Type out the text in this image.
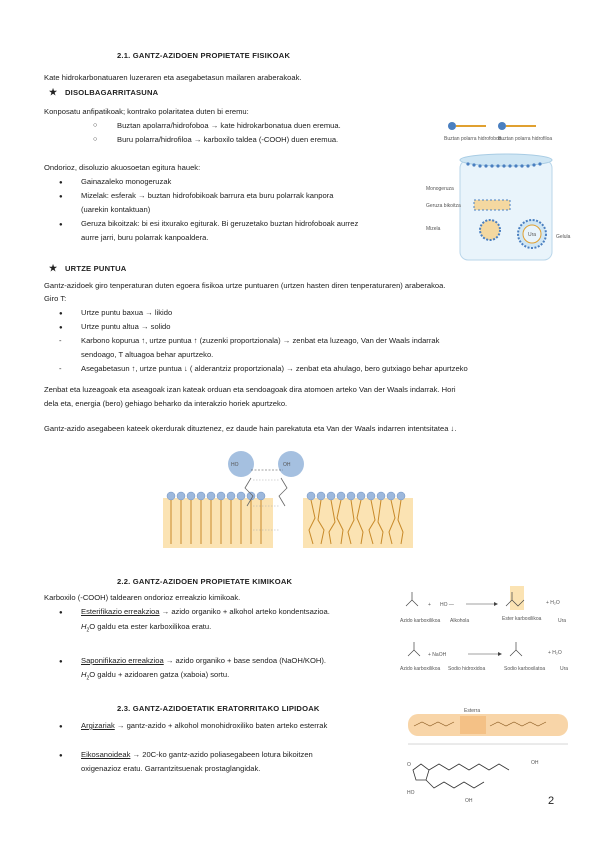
2.1. GANTZ-AZIDOEN PROPIETATE FISIKOAK
Kate hidrokarbonatuaren luzeraren eta asegabetasun mailaren araberakoak.
★ DISOLBAGARRITASUNA
Konposatu anfipatikoak; kontrako polaritatea duten bi eremu:
○ Buztan apolarra/hidrofoboa → kate hidrokarbonatua duen eremua.
○ Buru polarra/hidrofiloa → karboxilo taldea (-COOH) duen eremua.
Ondorioz, disoluzio akuosoetan egitura hauek:
● Gainazaleko monogeruzak
● Mizelak: esferak → buztan hidrofobikoak barrura eta buru polarrak kanpora
(uarekin kontaktuan)
● Geruza bikoitzak: bi esi itxurako egiturak. Bi geruzetako buztan hidrofoboak aurrez
aurre jarri, buru polarrak kanpoaldera.
Buztan polarra hidrofoboa
Buztan polarra hidrofiloa
Monogeruza
Geruza bikoitza
Mizela
Gelula
Ura
★ URTZE PUNTUA
Gantz-azidoek giro tenperaturan duten egoera fisikoa urtze puntuaren (urtzen hasten diren tenperaturaren) araberakoa.
Giro T:
● Urtze puntu baxua → likido
● Urtze puntu altua → solido
- Karbono kopurua ↑, urtze puntua ↑ (zuzenki proportzionala) → zenbat eta luzeago, Van der Waals indarrak
sendoago, T altuagoa behar apurtzeko.
- Asegabetasun ↑, urtze puntua ↓ ( alderantziz proportzionala) → zenbat eta ahulago, bero gutxiago behar apurtzeko
Zenbat eta luzeagoak eta aseagoak izan kateak orduan eta sendoagoak dira atomoen arteko Van der Waals indarrak. Hori
dela eta, energia (bero) gehiago beharko da interakzio horiek apurtzeko.
Gantz-azido asegabeen kateek okerdurak dituztenez, ez daude hain parekatuta eta Van der Waals indarren intentsitatea ↓.
HO	OH
2.2. GANTZ-AZIDOEN PROPIETATE KIMIKOAK
Karboxilo (-COOH) taldearen ondorioz erreakzio kimikoak.
● Esterifikazio erreakzioa → azido organiko + alkohol arteko kondentsazioa.
$H_2O$ galdu eta ester karboxilikoa eratu.
● Saponifikazio erreakzioa → azido organiko + base sendoa (NaOH/KOH).
$H_2O$ galdu + azidoaren gatza (xaboia) sortu.
+ HO —	+ H₂O
Azido karboxilikoa Alkohola	Ester karboxilikoa	Ura
+ NaOH	+ H₂O
Azido karboxilikoa Sodio hidroxidoa	Sodio karboxilatoa	Ura
2.3. GANTZ-AZIDOETATIK ERATORRITAKO LIPIDOAK
● Argizariak → gantz-azido + alkohol monohidroxiliko baten arteko esterrak
● Eikosanoideak → 20C-ko gantz-azido poliasegabeen lotura bikoitzen
oxigenazioz eratu. Garrantzitsuenak prostaglangidak.
Esterra
O	OH
HO
OH	2
